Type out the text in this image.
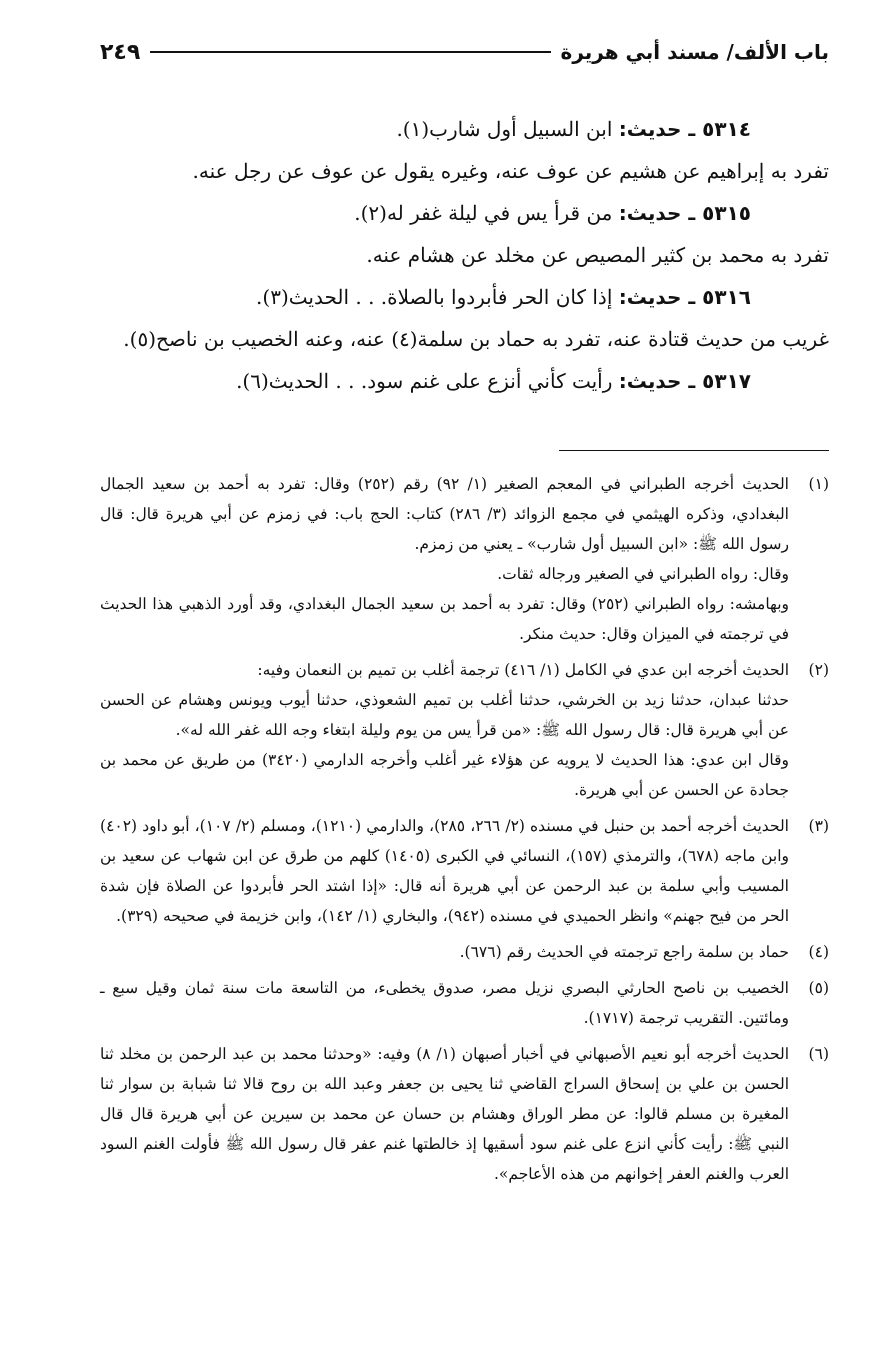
باب الألف/ مسند أبي هريرة
٢٤٩

٥٣١٤ ـ حديث: ابن السبيل أول شارب(١).

تفرد به إبراهيم عن هشيم عن عوف عنه، وغيره يقول عن عوف عن رجل عنه.

٥٣١٥ ـ حديث: من قرأ يس في ليلة غفر له(٢).

تفرد به محمد بن كثير المصيص عن مخلد عن هشام عنه.

٥٣١٦ ـ حديث: إذا كان الحر فأبردوا بالصلاة. . . الحديث(٣).

غريب من حديث قتادة عنه، تفرد به حماد بن سلمة(٤) عنه، وعنه الخصيب بن ناصح(٥).

٥٣١٧ ـ حديث: رأيت كأني أنزع على غنم سود. . . الحديث(٦).

(١)

الحديث أخرجه الطبراني في المعجم الصغير (١/ ٩٢) رقم (٢٥٢) وقال: تفرد به أحمد بن سعيد الجمال البغدادي، وذكره الهيثمي في مجمع الزوائد (٣/ ٢٨٦) كتاب: الحج باب: في زمزم عن أبي هريرة قال: قال رسول الله ﷺ: «ابن السبيل أول شارب» ـ يعني من زمزم.

وقال: رواه الطبراني في الصغير ورجاله ثقات.

وبهامشه: رواه الطبراني (٢٥٢) وقال: تفرد به أحمد بن سعيد الجمال البغدادي، وقد أورد الذهبي هذا الحديث في ترجمته في الميزان وقال: حديث منكر.

(٢)

الحديث أخرجه ابن عدي في الكامل (١/ ٤١٦) ترجمة أغلب بن تميم بن النعمان وفيه:

حدثنا عبدان، حدثنا زيد بن الخرشي، حدثنا أغلب بن تميم الشعوذي، حدثنا أيوب ويونس وهشام عن الحسن عن أبي هريرة قال: قال رسول الله ﷺ: «من قرأ يس من يوم وليلة ابتغاء وجه الله غفر الله له».

وقال ابن عدي: هذا الحديث لا يرويه عن هؤلاء غير أغلب وأخرجه الدارمي (٣٤٢٠) من طريق عن محمد بن جحادة عن الحسن عن أبي هريرة.

(٣)

الحديث أخرجه أحمد بن حنبل في مسنده (٢/ ٢٦٦، ٢٨٥)، والدارمي (١٢١٠)، ومسلم (٢/ ١٠٧)، أبو داود (٤٠٢) وابن ماجه (٦٧٨)، والترمذي (١٥٧)، النسائي في الكبرى (١٤٠٥) كلهم من طرق عن ابن شهاب عن سعيد بن المسيب وأبي سلمة بن عبد الرحمن عن أبي هريرة أنه قال: «إذا اشتد الحر فأبردوا عن الصلاة فإن شدة الحر من فيح جهنم» وانظر الحميدي في مسنده (٩٤٢)، والبخاري (١/ ١٤٢)، وابن خزيمة في صحيحه (٣٢٩).

(٤)

حماد بن سلمة راجع ترجمته في الحديث رقم (٦٧٦).

(٥)

الخصيب بن ناصح الحارثي البصري نزيل مصر، صدوق يخطىء، من التاسعة مات سنة ثمان وقيل سبع ـ ومائتين. التقريب ترجمة (١٧١٧).

(٦)

الحديث أخرجه أبو نعيم الأصبهاني في أخبار أصبهان (١/ ٨) وفيه: «وحدثنا محمد بن عبد الرحمن بن مخلد ثنا الحسن بن علي بن إسحاق السراج القاضي ثنا يحيى بن جعفر وعبد الله بن روح قالا ثنا شبابة بن سوار ثنا المغيرة بن مسلم قالوا: عن مطر الوراق وهشام بن حسان عن محمد بن سيرين عن أبي هريرة قال قال النبي ﷺ: رأيت كأني انزع على غنم سود أسقيها إذ خالطتها غنم عفر قال رسول الله ﷺ فأولت الغنم السود العرب والغنم العفر إخوانهم من هذه الأعاجم».
